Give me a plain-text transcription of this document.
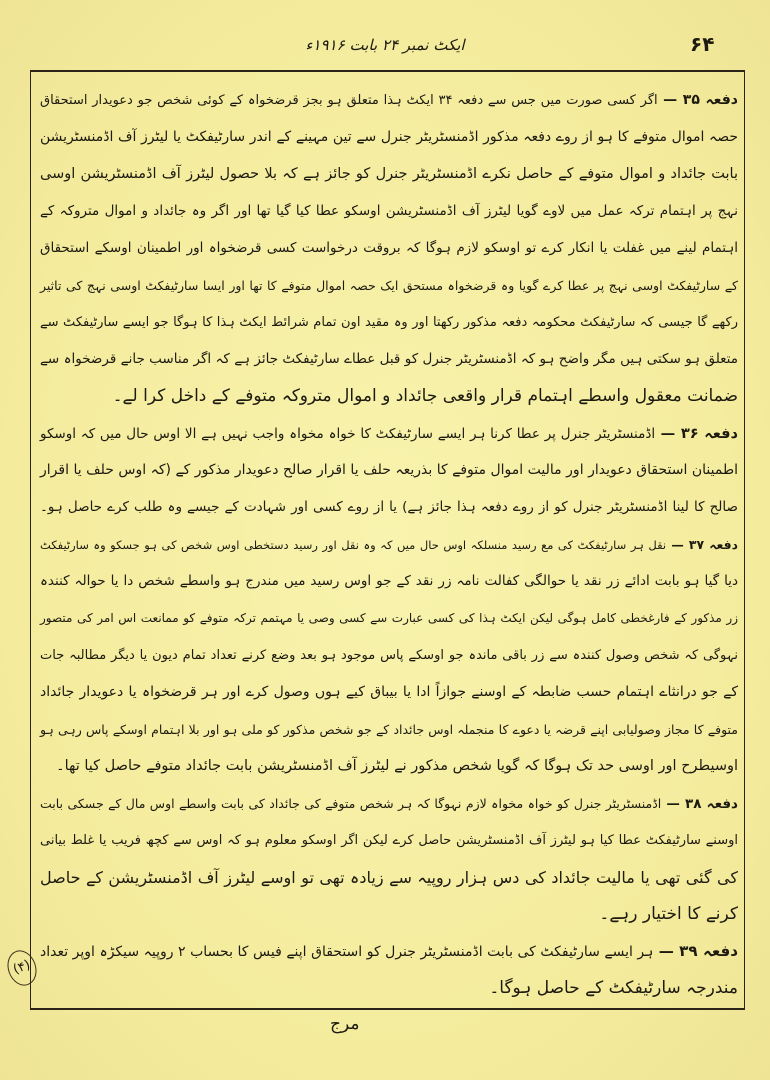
ایکٹ نمبر ۲۴ بابت ۱۹۱۶ء	۶۴
دفعہ ۳۵ — اگر کسی صورت میں جس سے دفعہ ۳۴ ایکٹ ہذا متعلق ہو بجز قرضخواہ کے کوئی شخص جو دعویدار استحقاق
حصہ اموال متوفے کا ہو از روے دفعہ مذکور اڈمنسٹریٹر جنرل سے تین مہینے کے اندر سارٹیفکٹ یا لیٹرز آف اڈمنسٹریشن
بابت جائداد و اموال متوفے کے حاصل نکرے اڈمنسٹریٹر جنرل کو جائز ہے کہ بلا حصول لیٹرز آف اڈمنسٹریشن اوسی
نہج پر اہتمام ترکہ عمل میں لاوے گویا لیٹرز آف اڈمنسٹریشن اوسکو عطا کیا گیا تھا اور اگر وہ جائداد و اموال متروکہ کے
اہتمام لینے میں غفلت یا انکار کرے تو اوسکو لازم ہوگا کہ بروقت درخواست کسی قرضخواہ اور اطمینان اوسکے استحقاق
کے سارٹیفکٹ اوسی نہج پر عطا کرے گویا وہ قرضخواہ مستحق ایک حصہ اموال متوفے کا تھا اور ایسا سارٹیفکٹ اوسی نہج کی تاثیر
رکھے گا جیسی کہ سارٹیفکٹ محکومہ دفعہ مذکور رکھتا اور وہ مقید اون تمام شرائط ایکٹ ہذا کا ہوگا جو ایسے سارٹیفکٹ سے
متعلق ہو سکتی ہیں مگر واضح ہو کہ اڈمنسٹریٹر جنرل کو قبل عطاے سارٹیفکٹ جائز ہے کہ اگر مناسب جانے قرضخواہ سے
ضمانت معقول واسطے اہتمام قرار واقعی جائداد و اموال متروکہ متوفے کے داخل کرا لے۔
دفعہ ۳۶ — اڈمنسٹریٹر جنرل پر عطا کرنا ہر ایسے سارٹیفکٹ کا خواہ مخواہ واجب نہیں ہے الا اوس حال میں کہ اوسکو
اطمینان استحقاق دعویدار اور مالیت اموال متوفے کا بذریعہ حلف یا اقرار صالح دعویدار مذکور کے (کہ اوس حلف یا اقرار
صالح کا لینا اڈمنسٹریٹر جنرل کو از روے دفعہ ہذا جائز ہے) یا از روے کسی اور شہادت کے جیسے وہ طلب کرے حاصل ہو۔
دفعہ ۳۷ — نقل ہر سارٹیفکٹ کی مع رسید منسلکہ اوس حال میں کہ وہ نقل اور رسید دستخطی اوس شخص کی ہو جسکو وہ سارٹیفکٹ
دیا گیا ہو بابت ادائے زر نقد یا حوالگی کفالت نامہ زر نقد کے جو اوس رسید میں مندرج ہو واسطے شخص دا یا حوالہ کنندہ
زر مذکور کے فارغخطی کامل ہوگی لیکن ایکٹ ہذا کی کسی عبارت سے کسی وصی یا مہتمم ترکہ متوفے کو ممانعت اس امر کی متصور
نہوگی کہ شخص وصول کنندہ سے زر باقی ماندہ جو اوسکے پاس موجود ہو بعد وضع کرنے تعداد تمام دیون یا دیگر مطالبہ جات
کے جو درانثاے اہتمام حسب ضابطہ کے اوسنے جوازاً ادا یا بیباق کیے ہوں وصول کرے اور ہر قرضخواہ یا دعویدار جائداد
متوفے کا مجاز وصولیابی اپنے قرضہ یا دعوے کا منجملہ اوس جائداد کے جو شخص مذکور کو ملی ہو اور بلا اہتمام اوسکے پاس رہی ہو
اوسیطرح اور اوسی حد تک ہوگا کہ گویا شخص مذکور نے لیٹرز آف اڈمنسٹریشن بابت جائداد متوفے حاصل کیا تھا۔
دفعہ ۳۸ — اڈمنسٹریٹر جنرل کو خواہ مخواہ لازم نہوگا کہ ہر شخص متوفے کی جائداد کی بابت واسطے اوس مال کے جسکی بابت
اوسنے سارٹیفکٹ عطا کیا ہو لیٹرز آف اڈمنسٹریشن حاصل کرے لیکن اگر اوسکو معلوم ہو کہ اوس سے کچھ فریب یا غلط بیانی
کی گئی تھی یا مالیت جائداد کی دس ہزار روپیہ سے زیادہ تھی تو اوسے لیٹرز آف اڈمنسٹریشن کے حاصل
کرنے کا اختیار رہے۔
دفعہ ۳۹ — ہر ایسے سارٹیفکٹ کی بابت اڈمنسٹریٹر جنرل کو استحقاق اپنے فیس کا بحساب ۲ روپیہ سیکڑہ اوپر تعداد
مندرجہ سارٹیفکٹ کے حاصل ہوگا۔
(۴)
مرج
